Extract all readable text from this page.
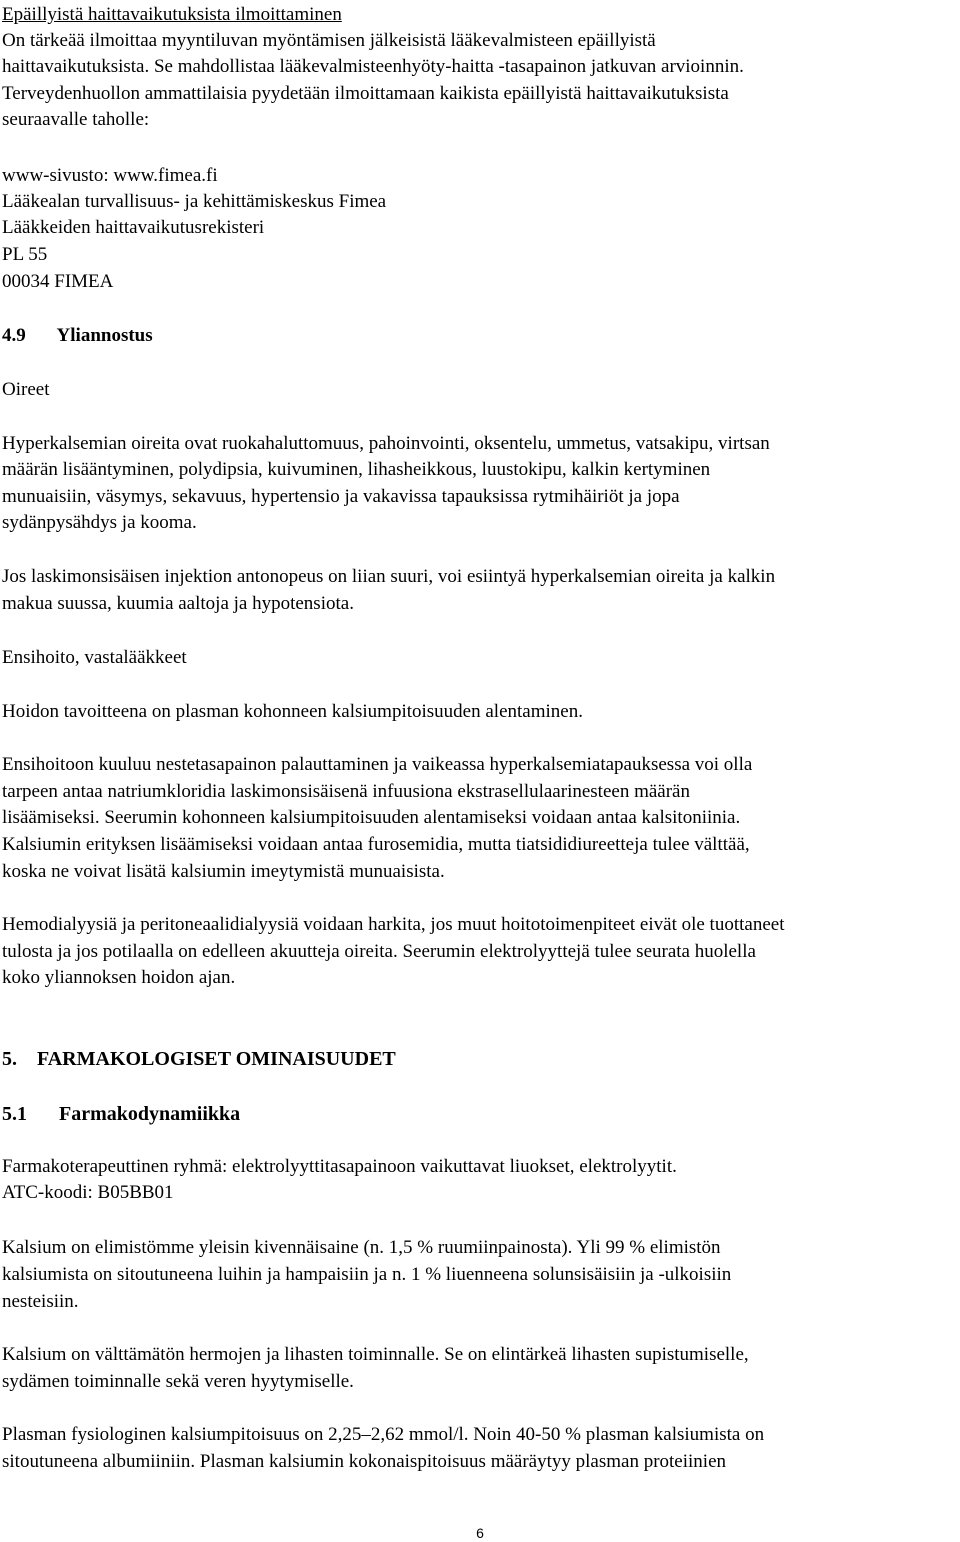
Epäillyistä haittavaikutuksista ilmoittaminen
On tärkeää ilmoittaa myyntiluvan myöntämisen jälkeisistä lääkevalmisteen epäillyistä
haittavaikutuksista. Se mahdollistaa lääkevalmisteenhyöty-haitta -tasapainon jatkuvan arvioinnin.
Terveydenhuollon ammattilaisia pyydetään ilmoittamaan kaikista epäillyistä haittavaikutuksista
seuraavalle taholle:
www-sivusto: www.fimea.fi
Lääkealan turvallisuus- ja kehittämiskeskus Fimea
Lääkkeiden haittavaikutusrekisteri
PL 55
00034 FIMEA
4.9 Yliannostus
Oireet
Hyperkalsemian oireita ovat ruokahaluttomuus, pahoinvointi, oksentelu, ummetus, vatsakipu, virtsan
määrän lisääntyminen, polydipsia, kuivuminen, lihasheikkous, luustokipu, kalkin kertyminen
munuaisiin, väsymys, sekavuus, hypertensio ja vakavissa tapauksissa rytmihäiriöt ja jopa
sydänpysähdys ja kooma.
Jos laskimonsisäisen injektion antonopeus on liian suuri, voi esiintyä hyperkalsemian oireita ja kalkin
makua suussa, kuumia aaltoja ja hypotensiota.
Ensihoito, vastalääkkeet
Hoidon tavoitteena on plasman kohonneen kalsiumpitoisuuden alentaminen.
Ensihoitoon kuuluu nestetasapainon palauttaminen ja vaikeassa hyperkalsemiatapauksessa voi olla
tarpeen antaa natriumkloridia laskimonsisäisenä infuusiona ekstrasellulaarinesteen määrän
lisäämiseksi. Seerumin kohonneen kalsiumpitoisuuden alentamiseksi voidaan antaa kalsitoniinia.
Kalsiumin erityksen lisäämiseksi voidaan antaa furosemidia, mutta tiatsididiureetteja tulee välttää,
koska ne voivat lisätä kalsiumin imeytymistä munuaisista.
Hemodialyysiä ja peritoneaalidialyysiä voidaan harkita, jos muut hoitotoimenpiteet eivät ole tuottaneet
tulosta ja jos potilaalla on edelleen akuutteja oireita. Seerumin elektrolyyttejä tulee seurata huolella
koko yliannoksen hoidon ajan.
5. FARMAKOLOGISET OMINAISUUDET
5.1 Farmakodynamiikka
Farmakoterapeuttinen ryhmä: elektrolyyttitasapainoon vaikuttavat liuokset, elektrolyytit.
ATC-koodi: B05BB01
Kalsium on elimistömme yleisin kivennäisaine (n. 1,5 % ruumiinpainosta). Yli 99 % elimistön
kalsiumista on sitoutuneena luihin ja hampaisiin ja n. 1 % liuenneena solunsisäisiin ja -ulkoisiin
nesteisiin.
Kalsium on välttämätön hermojen ja lihasten toiminnalle. Se on elintärkeä lihasten supistumiselle,
sydämen toiminnalle sekä veren hyytymiselle.
Plasman fysiologinen kalsiumpitoisuus on 2,25–2,62 mmol/l. Noin 40-50 % plasman kalsiumista on
sitoutuneena albumiiniin. Plasman kalsiumin kokonaispitoisuus määräytyy plasman proteiinien
6
